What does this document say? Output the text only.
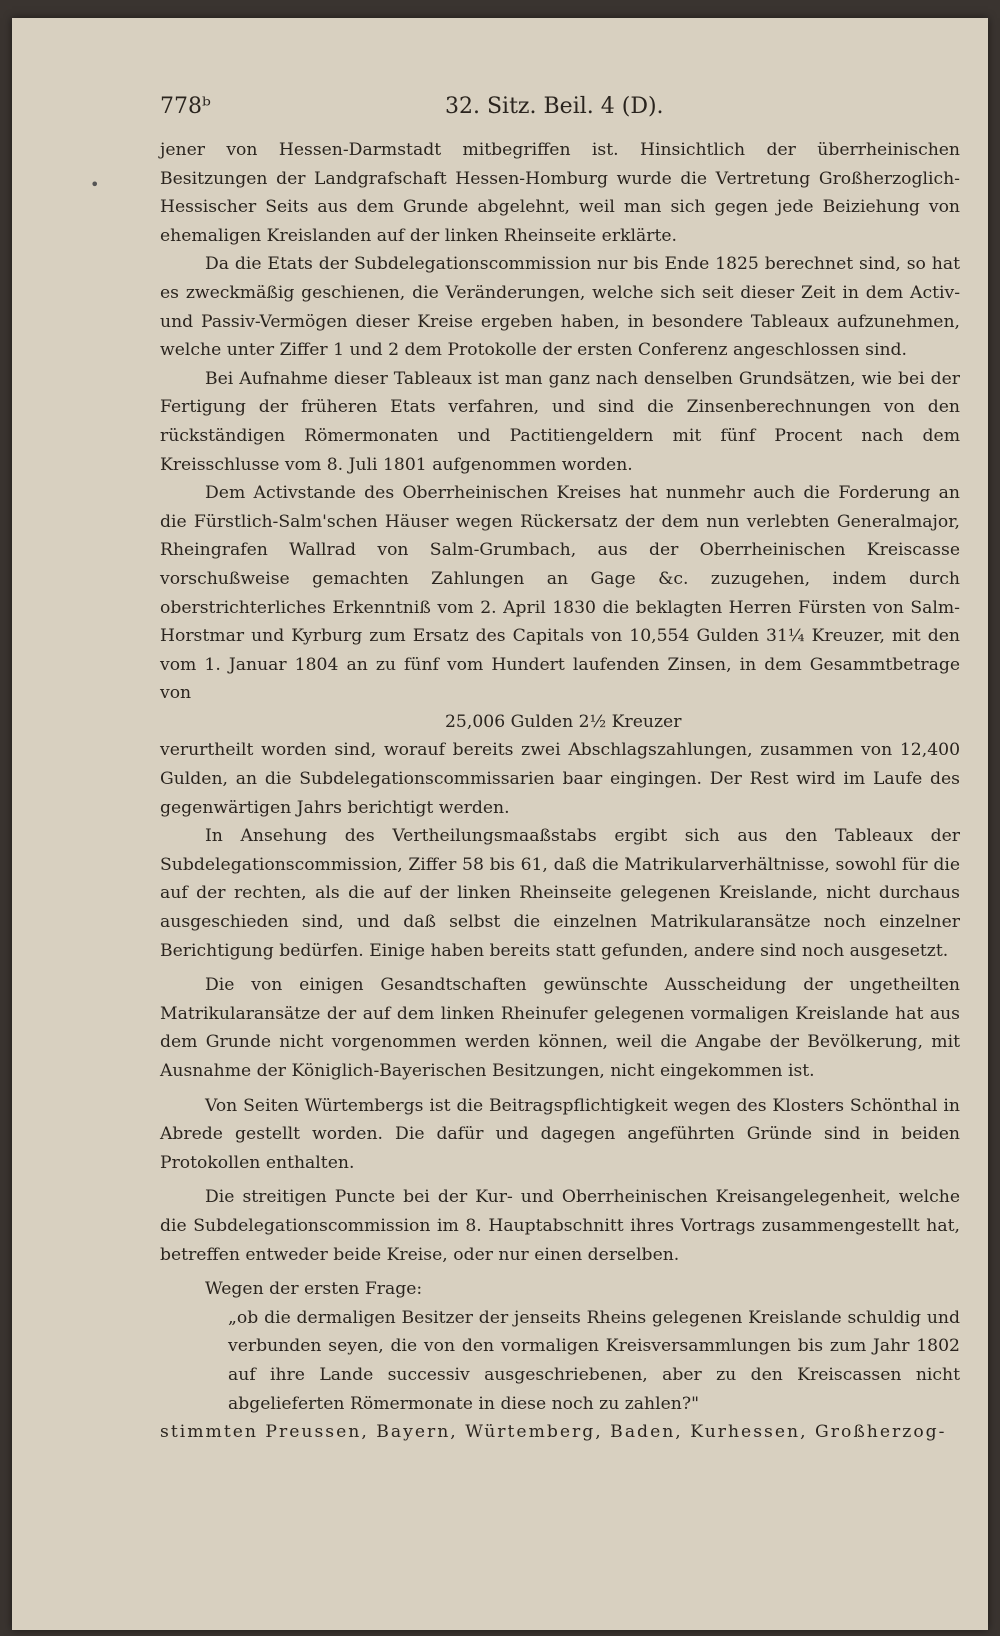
778ᵇ	32. Sitz. Beil. 4 (D).
•

jener von Hessen-Darmstadt mitbegriffen ist. Hinsichtlich der überrheinischen Besitzungen der Landgrafschaft Hessen-Homburg wurde die Vertretung Großherzoglich-Hessischer Seits aus dem Grunde abgelehnt, weil man sich gegen jede Beiziehung von ehemaligen Kreislanden auf der linken Rheinseite erklärte.

Da die Etats der Subdelegationscommission nur bis Ende 1825 berechnet sind, so hat es zweckmäßig geschienen, die Veränderungen, welche sich seit dieser Zeit in dem Activ- und Passiv-Vermögen dieser Kreise ergeben haben, in besondere Tableaux aufzunehmen, welche unter Ziffer 1 und 2 dem Protokolle der ersten Conferenz angeschlossen sind.

Bei Aufnahme dieser Tableaux ist man ganz nach denselben Grundsätzen, wie bei der Fertigung der früheren Etats verfahren, und sind die Zinsenberechnungen von den rückständigen Römermonaten und Pactitiengeldern mit fünf Procent nach dem Kreisschlusse vom 8. Juli 1801 aufgenommen worden.

Dem Activstande des Oberrheinischen Kreises hat nunmehr auch die Forderung an die Fürstlich-Salm'schen Häuser wegen Rückersatz der dem nun verlebten Generalmajor, Rheingrafen Wallrad von Salm-Grumbach, aus der Oberrheinischen Kreiscasse vorschußweise gemachten Zahlungen an Gage &c. zuzugehen, indem durch oberstrichterliches Erkenntniß vom 2. April 1830 die beklagten Herren Fürsten von Salm-Horstmar und Kyrburg zum Ersatz des Capitals von 10,554 Gulden 31¼ Kreuzer, mit den vom 1. Januar 1804 an zu fünf vom Hundert laufenden Zinsen, in dem Gesammtbetrage von

25,006 Gulden 2½ Kreuzer

verurtheilt worden sind, worauf bereits zwei Abschlagszahlungen, zusammen von 12,400 Gulden, an die Subdelegationscommissarien baar eingingen. Der Rest wird im Laufe des gegenwärtigen Jahrs berichtigt werden.

In Ansehung des Vertheilungsmaaßstabs ergibt sich aus den Tableaux der Subdelegationscommission, Ziffer 58 bis 61, daß die Matrikularverhältnisse, sowohl für die auf der rechten, als die auf der linken Rheinseite gelegenen Kreislande, nicht durchaus ausgeschieden sind, und daß selbst die einzelnen Matrikularansätze noch einzelner Berichtigung bedürfen. Einige haben bereits statt gefunden, andere sind noch ausgesetzt.

Die von einigen Gesandtschaften gewünschte Ausscheidung der ungetheilten Matrikularansätze der auf dem linken Rheinufer gelegenen vormaligen Kreislande hat aus dem Grunde nicht vorgenommen werden können, weil die Angabe der Bevölkerung, mit Ausnahme der Königlich-Bayerischen Besitzungen, nicht eingekommen ist.

Von Seiten Würtembergs ist die Beitragspflichtigkeit wegen des Klosters Schönthal in Abrede gestellt worden. Die dafür und dagegen angeführten Gründe sind in beiden Protokollen enthalten.

Die streitigen Puncte bei der Kur- und Oberrheinischen Kreisangelegenheit, welche die Subdelegationscommission im 8. Hauptabschnitt ihres Vortrags zusammengestellt hat, betreffen entweder beide Kreise, oder nur einen derselben.

Wegen der ersten Frage:

„ob die dermaligen Besitzer der jenseits Rheins gelegenen Kreislande schuldig und verbunden seyen, die von den vormaligen Kreisversammlungen bis zum Jahr 1802 auf ihre Lande successiv ausgeschriebenen, aber zu den Kreiscassen nicht abgelieferten Römermonate in diese noch zu zahlen?"

stimmten Preussen, Bayern, Würtemberg, Baden, Kurhessen, Großherzog-
